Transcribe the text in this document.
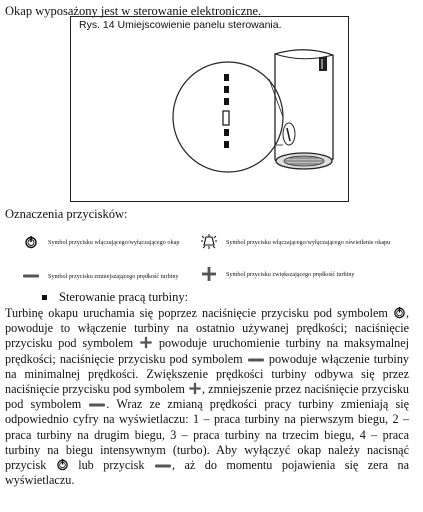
Okap wyposażony jest w sterowanie elektroniczne.
Rys. 14 Umiejscowienie panelu sterowania.
Oznaczenia przycisków:
Symbol przycisku włączającego/wyłączającego okap	Symbol przycisku włączającego/wyłączającego oświetlenie okapu
Symbol przycisku zmniejszającego prędkość turbiny	Symbol przycisku zwiększającego prędkość turbiny
Sterowanie pracą turbiny:
Turbinę okapu uruchamia się poprzez naciśnięcie przycisku pod symbolem , powoduje to włączenie turbiny na ostatnio używanej prędkości; naciśnięcie przycisku pod symbolem powoduje uruchomienie turbiny na maksymalnej prędkości; naciśnięcie przycisku pod symbolem powoduje włączenie turbiny na minimalnej prędkości. Zwiększenie prędkości turbiny odbywa się przez naciśnięcie przycisku pod symbolem , zmniejszenie przez naciśnięcie przycisku pod symbolem . Wraz ze zmianą prędkości pracy turbiny zmieniają się odpowiednio cyfry na wyświetlaczu: 1 – praca turbiny na pierwszym biegu, 2 – praca turbiny na drugim biegu, 3 – praca turbiny na trzecim biegu, 4 – praca turbiny na biegu intensywnym (turbo). Aby wyłączyć okap należy nacisnąć przycisk	lub przycisk , aż do momentu pojawienia się zera na wyświetlaczu.
